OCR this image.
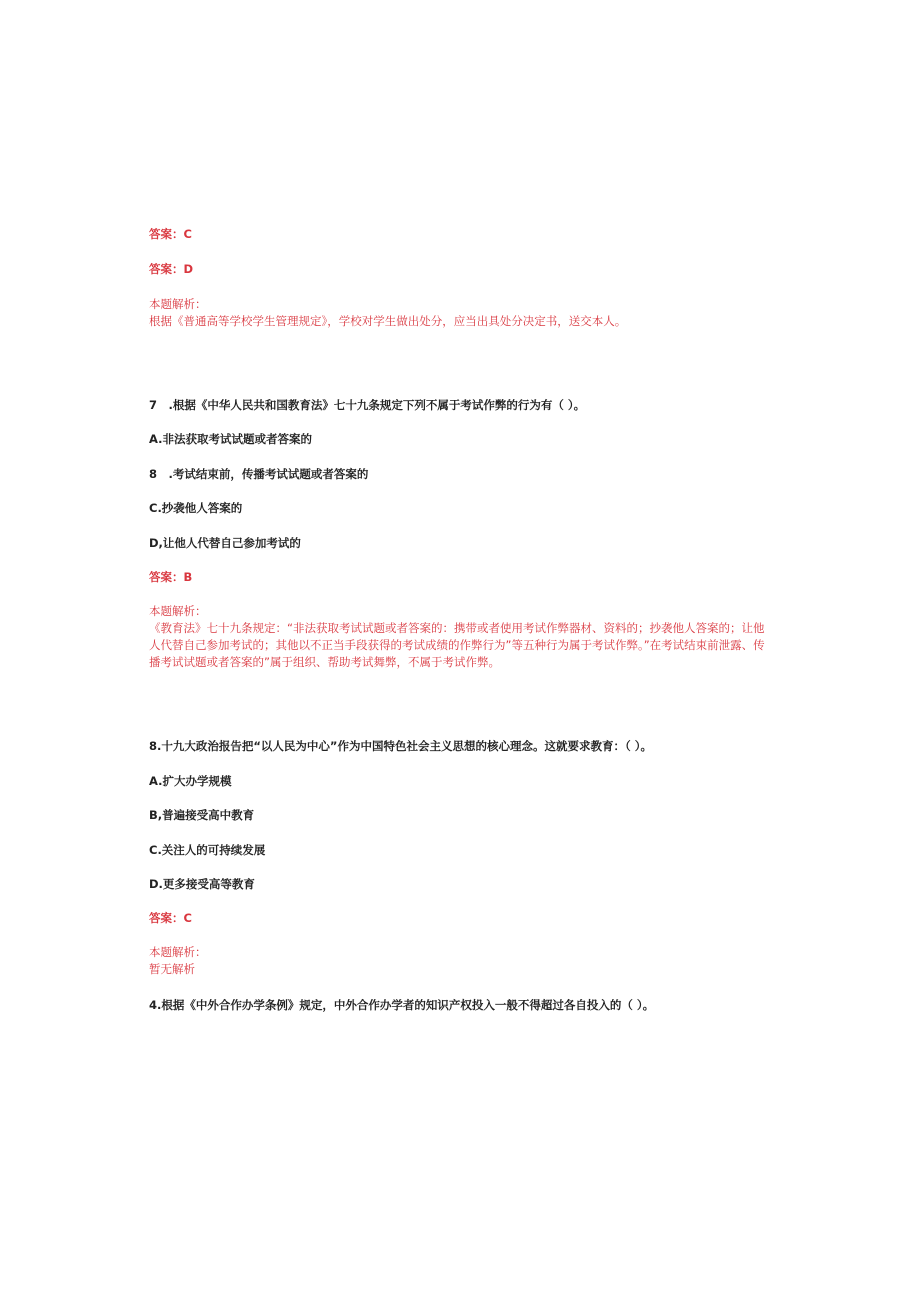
答案：C
答案：D
本题解析：
根据《普通高等学校学生管理规定》，学校对学生做出处分，应当出具处分决定书，送交本人。
7　.根据《中华人民共和国教育法》七十九条规定下列不属于考试作弊的行为有（ ）。
A.非法获取考试试题或者答案的
8　.考试结束前，传播考试试题或者答案的
C.抄袭他人答案的
D,让他人代替自己参加考试的
答案：B
本题解析：
《教育法》七十九条规定：“非法获取考试试题或者答案的：携带或者使用考试作弊器材、资料的；抄袭他人答案的；让他人代替自己参加考试的；其他以不正当手段获得的考试成绩的作弊行为”等五种行为属于考试作弊。”在考试结束前泄露、传播考试试题或者答案的”属于组织、帮助考试舞弊，不属于考试作弊。
8.十九大政治报告把“以人民为中心”作为中国特色社会主义思想的核心理念。这就要求教育：（ ）。
A.扩大办学规模
B,普遍接受高中教育
C.关注人的可持续发展
D.更多接受高等教育
答案：C
本题解析：
暂无解析
4.根据《中外合作办学条例》规定，中外合作办学者的知识产权投入一般不得超过各自投入的（ ）。
